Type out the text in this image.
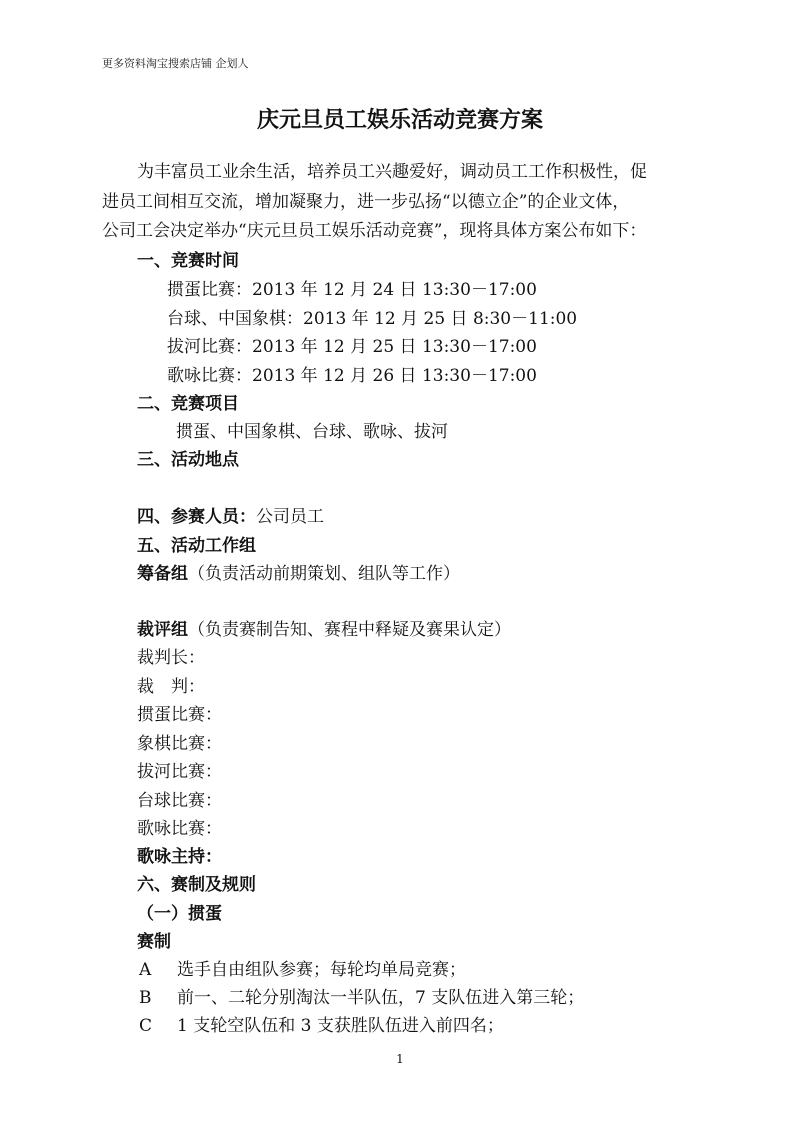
更多资料淘宝搜索店铺 企划人
庆元旦员工娱乐活动竞赛方案
为丰富员工业余生活，培养员工兴趣爱好，调动员工工作积极性，促
进员工间相互交流，增加凝聚力，进一步弘扬“以德立企”的企业文体，
公司工会决定举办“庆元旦员工娱乐活动竞赛”，现将具体方案公布如下：
一、竞赛时间
掼蛋比赛：2013 年 12 月 24 日 13:30－17:00
台球、中国象棋：2013 年 12 月 25 日 8:30－11:00
拔河比赛：2013 年 12 月 25 日 13:30－17:00
歌咏比赛：2013 年 12 月 26 日 13:30－17:00
二、竞赛项目
掼蛋、中国象棋、台球、歌咏、拔河
三、活动地点
四、参赛人员：公司员工
五、活动工作组
筹备组（负责活动前期策划、组队等工作）
裁评组（负责赛制告知、赛程中释疑及赛果认定）
裁判长：
裁　判：
掼蛋比赛：
象棋比赛：
拔河比赛：
台球比赛：
歌咏比赛：
歌咏主持：
六、赛制及规则
（一）掼蛋
赛制
A 选手自由组队参赛；每轮均单局竞赛；
B 前一、二轮分别淘汰一半队伍，7 支队伍进入第三轮；
C 1 支轮空队伍和 3 支获胜队伍进入前四名；
1
